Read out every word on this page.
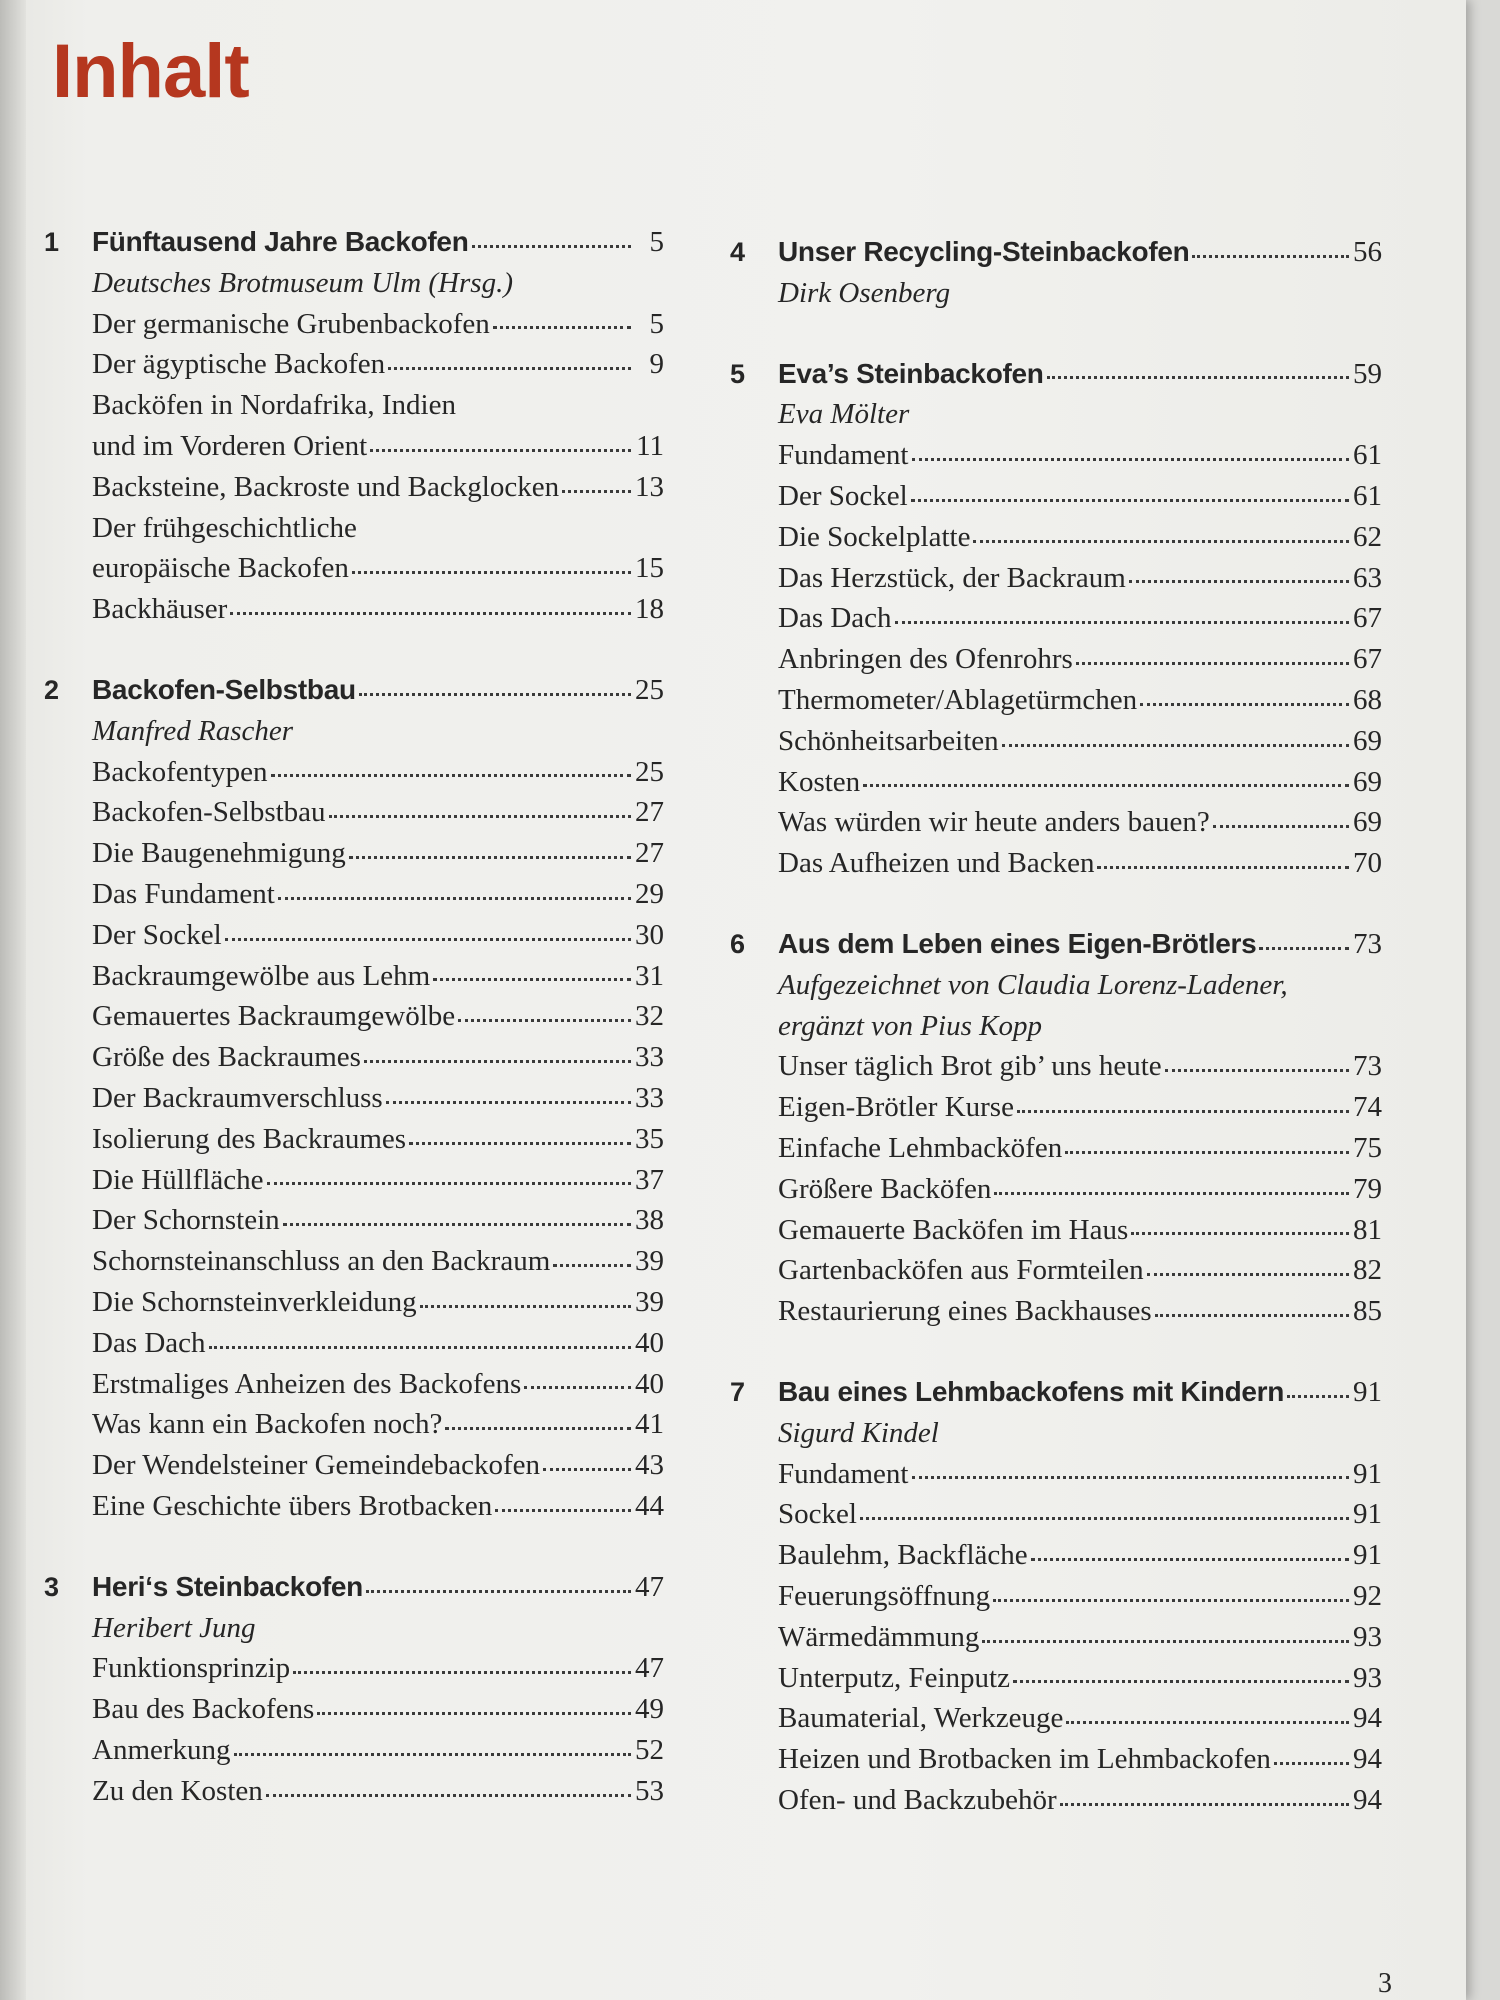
Inhalt
1	Fünftausend Jahre Backofen	5
Deutsches Brotmuseum Ulm (Hrsg.)
Der germanische Grubenbackofen	5
Der ägyptische Backofen	9
Backöfen in Nordafrika, Indien
und im Vorderen Orient	11
Backsteine, Backroste und Backglocken	13
Der frühgeschichtliche
europäische Backofen	15
Backhäuser	18
2	Backofen-Selbstbau	25
Manfred Rascher
Backofentypen	25
Backofen-Selbstbau	27
Die Baugenehmigung	27
Das Fundament	29
Der Sockel	30
Backraumgewölbe aus Lehm	31
Gemauertes Backraumgewölbe	32
Größe des Backraumes	33
Der Backraumverschluss	33
Isolierung des Backraumes	35
Die Hüllfläche	37
Der Schornstein	38
Schornsteinanschluss an den Backraum	39
Die Schornsteinverkleidung	39
Das Dach	40
Erstmaliges Anheizen des Backofens	40
Was kann ein Backofen noch?	41
Der Wendelsteiner Gemeindebackofen	43
Eine Geschichte übers Brotbacken	44
3	Heri‘s Steinbackofen	47
Heribert Jung
Funktionsprinzip	47
Bau des Backofens	49
Anmerkung	52
Zu den Kosten	53
4	Unser Recycling-Steinbackofen	56
Dirk Osenberg
5	Eva’s Steinbackofen	59
Eva Mölter
Fundament	61
Der Sockel	61
Die Sockelplatte	62
Das Herzstück, der Backraum	63
Das Dach	67
Anbringen des Ofenrohrs	67
Thermometer/Ablagetürmchen	68
Schönheitsarbeiten	69
Kosten	69
Was würden wir heute anders bauen?	69
Das Aufheizen und Backen	70
6	Aus dem Leben eines Eigen-Brötlers	73
Aufgezeichnet von Claudia Lorenz-Ladener,
ergänzt von Pius Kopp
Unser täglich Brot gib’ uns heute	73
Eigen-Brötler Kurse	74
Einfache Lehmbacköfen	75
Größere Backöfen	79
Gemauerte Backöfen im Haus	81
Gartenbacköfen aus Formteilen	82
Restaurierung eines Backhauses	85
7	Bau eines Lehmbackofens mit Kindern 91
Sigurd Kindel
Fundament	91
Sockel	91
Baulehm, Backfläche	91
Feuerungsöffnung	92
Wärmedämmung	93
Unterputz, Feinputz	93
Baumaterial, Werkzeuge	94
Heizen und Brotbacken im Lehmbackofen	94
Ofen- und Backzubehör	94
3
